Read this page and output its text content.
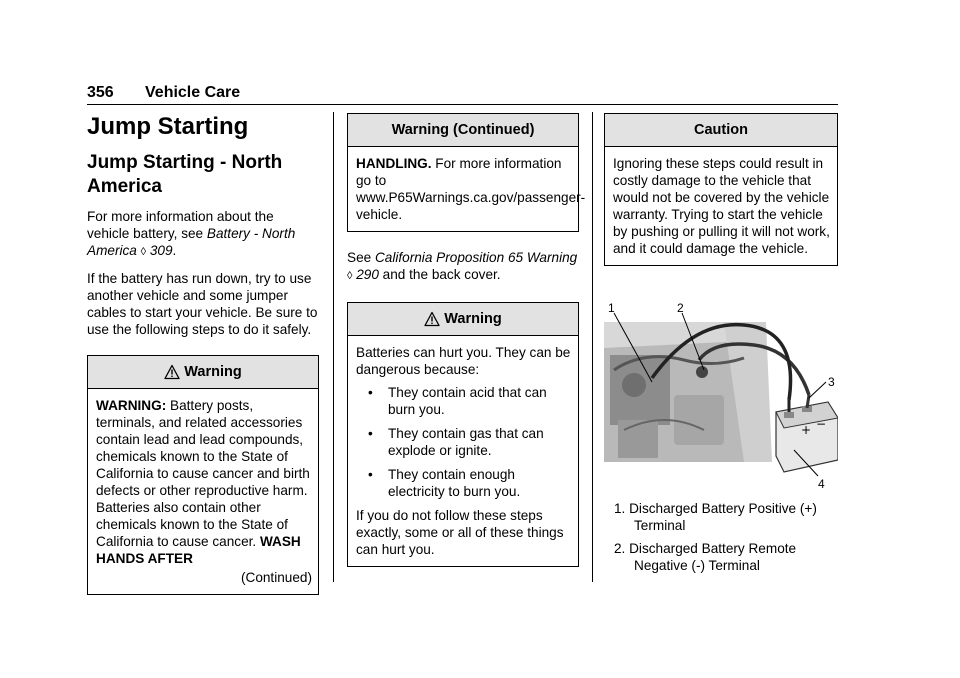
356 Vehicle Care
Jump Starting
Jump Starting - North America

For more information about the vehicle battery, see Battery - North America ◊ 309.

If the battery has run down, try to use another vehicle and some jumper cables to start your vehicle. Be sure to use the following steps to do it safely.

Warning

WARNING: Battery posts, terminals, and related accessories contain lead and lead compounds, chemicals known to the State of California to cause cancer and birth defects or other reproductive harm. Batteries also contain other chemicals known to the State of California to cause cancer. WASH HANDS AFTER

(Continued)

Warning (Continued)

HANDLING. For more information go to www.P65Warnings.ca.gov/passenger-vehicle.

See California Proposition 65 Warning ◊ 290 and the back cover.

Warning

Batteries can hurt you. They can be dangerous because:

• They contain acid that can burn you.
• They contain gas that can explode or ignite.
• They contain enough electricity to burn you.

If you do not follow these steps exactly, some or all of these things can hurt you.

Caution

Ignoring these steps could result in costly damage to the vehicle that would not be covered by the vehicle warranty. Trying to start the vehicle by pushing or pulling it will not work, and it could damage the vehicle.

−
+
1	2
3
4
1. Discharged Battery Positive (+) Terminal
2. Discharged Battery Remote Negative (-) Terminal
